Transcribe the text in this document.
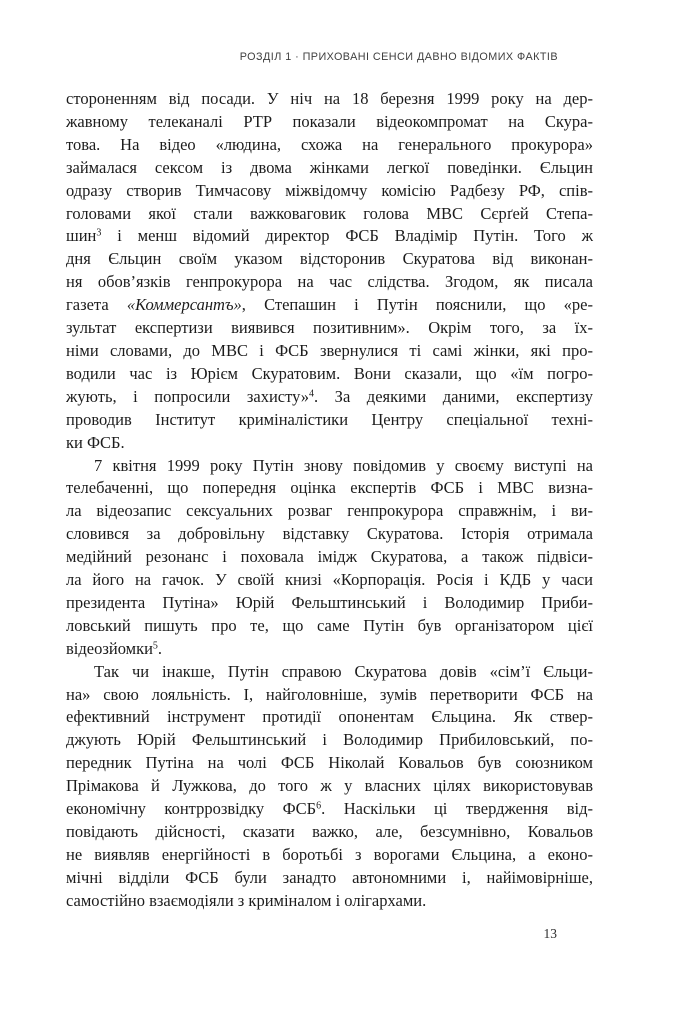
РОЗДІЛ 1 · ПРИХОВАНІ СЕНСИ ДАВНО ВІДОМИХ ФАКТІВ
стороненням від посади. У ніч на 18 березня 1999 року на дер-
жавному телеканалі РТР показали відеокомпромат на Скура-
това. На відео «людина, схожа на генерального прокурора»
займалася сексом із двома жінками легкої поведінки. Єльцин
одразу створив Тимчасову міжвідомчу комісію Радбезу РФ, спів-
головами якої стали важковаговик голова МВС Сєрґей Степа-
шин$^3$ і менш відомий директор ФСБ Владімір Путін. Того ж
дня Єльцин своїм указом відсторонив Скуратова від виконан-
ня обов’язків генпрокурора на час слідства. Згодом, як писала
газета «Коммерсантъ», Степашин і Путін пояснили, що «ре-
зультат експертизи виявився позитивним». Окрім того, за їх-
німи словами, до МВС і ФСБ звернулися ті самі жінки, які про-
водили час із Юрієм Скуратовим. Вони сказали, що «їм погро-
жують, і попросили захисту»$^4$. За деякими даними, експертизу
проводив Інститут криміналістики Центру спеціальної техні-
ки ФСБ.
7 квітня 1999 року Путін знову повідомив у своєму виступі на
телебаченні, що попередня оцінка експертів ФСБ і МВС визна-
ла відеозапис сексуальних розваг генпрокурора справжнім, і ви-
словився за добровільну відставку Скуратова. Історія отримала
медійний резонанс і поховала імідж Скуратова, а також підвіси-
ла його на гачок. У своїй книзі «Корпорація. Росія і КДБ у часи
президента Путіна» Юрій Фельштинський і Володимир Приби-
ловський пишуть про те, що саме Путін був організатором цієї
відеозйомки$^5$.
Так чи інакше, Путін справою Скуратова довів «сім’ї Єльци-
на» свою лояльність. І, найголовніше, зумів перетворити ФСБ на
ефективний інструмент протидії опонентам Єльцина. Як ствер-
джують Юрій Фельштинський і Володимир Прибиловський, по-
передник Путіна на чолі ФСБ Ніколай Ковальов був союзником
Прімакова й Лужкова, до того ж у власних цілях використовував
економічну контррозвідку ФСБ$^6$. Наскільки ці твердження від-
повідають дійсності, сказати важко, але, безсумнівно, Ковальов
не виявляв енергійності в боротьбі з ворогами Єльцина, а еконо-
мічні відділи ФСБ були занадто автономними і, найімовірніше,
самостійно взаємодіяли з криміналом і олігархами.
13
